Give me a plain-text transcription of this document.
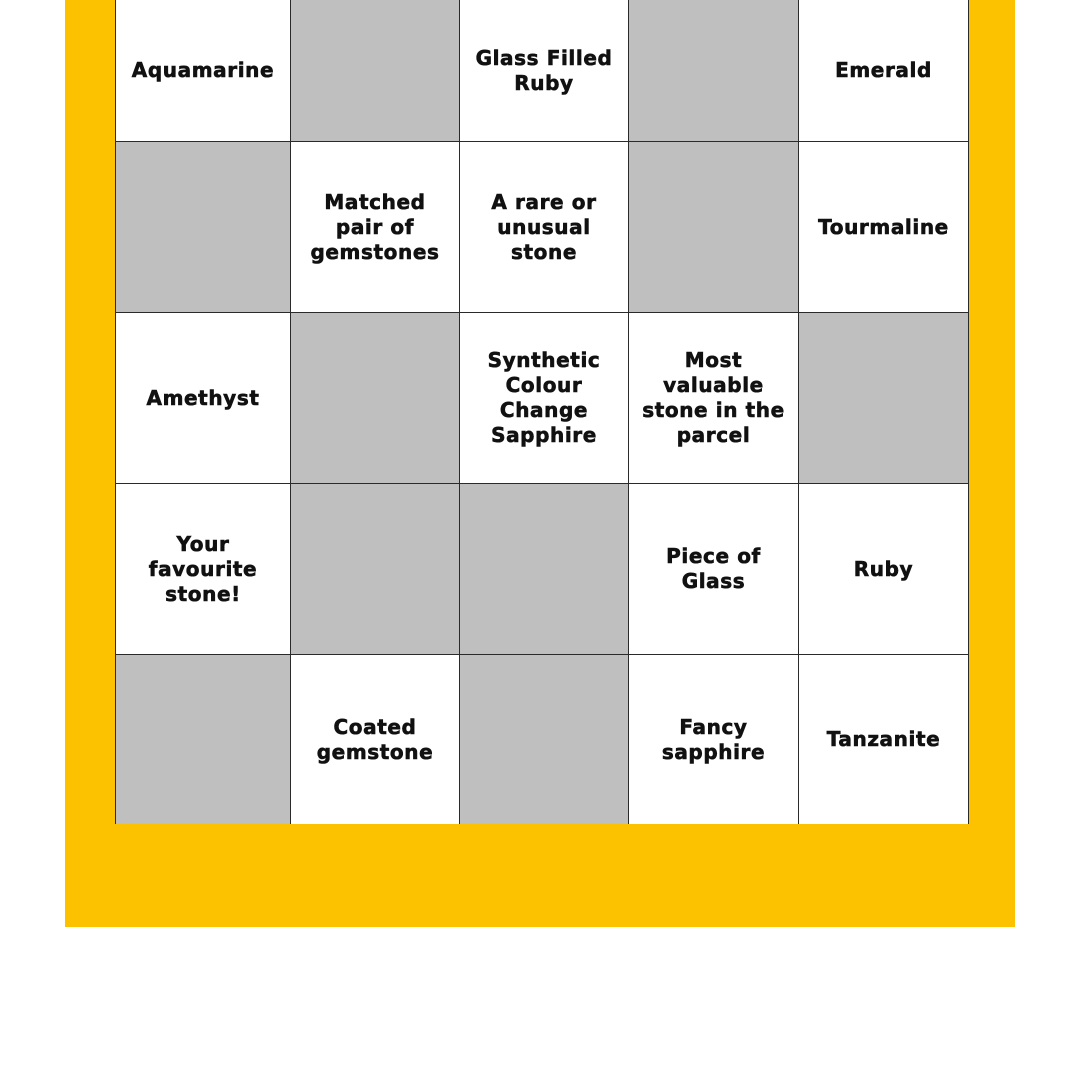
Aquamarine
Glass Filled
Ruby
Emerald
Matched
pair of
gemstones
A rare or
unusual
stone
Tourmaline
Amethyst
Synthetic
Colour
Change
Sapphire
Most
valuable
stone in the
parcel
Your
favourite
stone!
Piece of
Glass
Ruby
Coated
gemstone
Fancy
sapphire
Tanzanite
